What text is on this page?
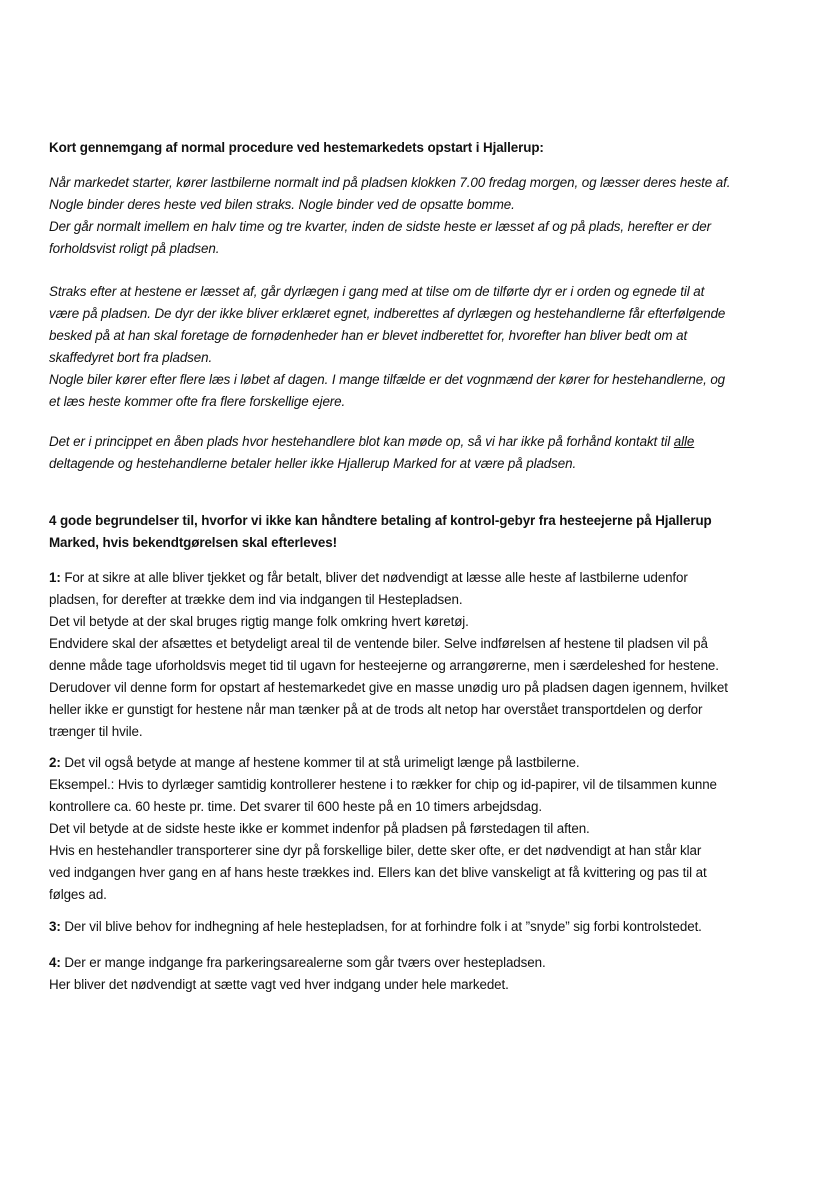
Kort gennemgang af normal procedure ved hestemarkedets opstart i Hjallerup:
Når markedet starter, kører lastbilerne normalt ind på pladsen klokken 7.00 fredag morgen, og læsser deres heste af.
Nogle binder deres heste ved bilen straks. Nogle binder ved de opsatte bomme.
Der går normalt imellem en halv time og tre kvarter, inden de sidste heste er læsset af og på plads, herefter er der
forholdsvist roligt på pladsen.
Straks efter at hestene er læsset af, går dyrlægen i gang med at tilse om de tilførte dyr er i orden og egnede til at
være på pladsen. De dyr der ikke bliver erklæret egnet, indberettes af dyrlægen og hestehandlerne får efterfølgende
besked på at han skal foretage de fornødenheder han er blevet indberettet for, hvorefter han bliver bedt om at
skaffedyret bort fra pladsen.
Nogle biler kører efter flere læs i løbet af dagen. I mange tilfælde er det vognmænd der kører for hestehandlerne, og
et læs heste kommer ofte fra flere forskellige ejere.
Det er i princippet en åben plads hvor hestehandlere blot kan møde op, så vi har ikke på forhånd kontakt til alle
deltagende og hestehandlerne betaler heller ikke Hjallerup Marked for at være på pladsen.
4 gode begrundelser til, hvorfor vi ikke kan håndtere betaling af kontrol-gebyr fra hesteejerne på Hjallerup
Marked, hvis bekendtgørelsen skal efterleves!
1: For at sikre at alle bliver tjekket og får betalt, bliver det nødvendigt at læsse alle heste af lastbilerne udenfor
pladsen, for derefter at trække dem ind via indgangen til Hestepladsen.
Det vil betyde at der skal bruges rigtig mange folk omkring hvert køretøj.
Endvidere skal der afsættes et betydeligt areal til de ventende biler. Selve indførelsen af hestene til pladsen vil på
denne måde tage uforholdsvis meget tid til ugavn for hesteejerne og arrangørerne, men i særdeleshed for hestene.
Derudover vil denne form for opstart af hestemarkedet give en masse unødig uro på pladsen dagen igennem, hvilket
heller ikke er gunstigt for hestene når man tænker på at de trods alt netop har overstået transportdelen og derfor
trænger til hvile.
2: Det vil også betyde at mange af hestene kommer til at stå urimeligt længe på lastbilerne.
Eksempel.: Hvis to dyrlæger samtidig kontrollerer hestene i to rækker for chip og id-papirer, vil de tilsammen kunne
kontrollere ca. 60 heste pr. time. Det svarer til 600 heste på en 10 timers arbejdsdag.
Det vil betyde at de sidste heste ikke er kommet indenfor på pladsen på førstedagen til aften.
Hvis en hestehandler transporterer sine dyr på forskellige biler, dette sker ofte, er det nødvendigt at han står klar
ved indgangen hver gang en af hans heste trækkes ind. Ellers kan det blive vanskeligt at få kvittering og pas til at
følges ad.
3: Der vil blive behov for indhegning af hele hestepladsen, for at forhindre folk i at ”snyde” sig forbi kontrolstedet.
4: Der er mange indgange fra parkeringsarealerne som går tværs over hestepladsen.
Her bliver det nødvendigt at sætte vagt ved hver indgang under hele markedet.
